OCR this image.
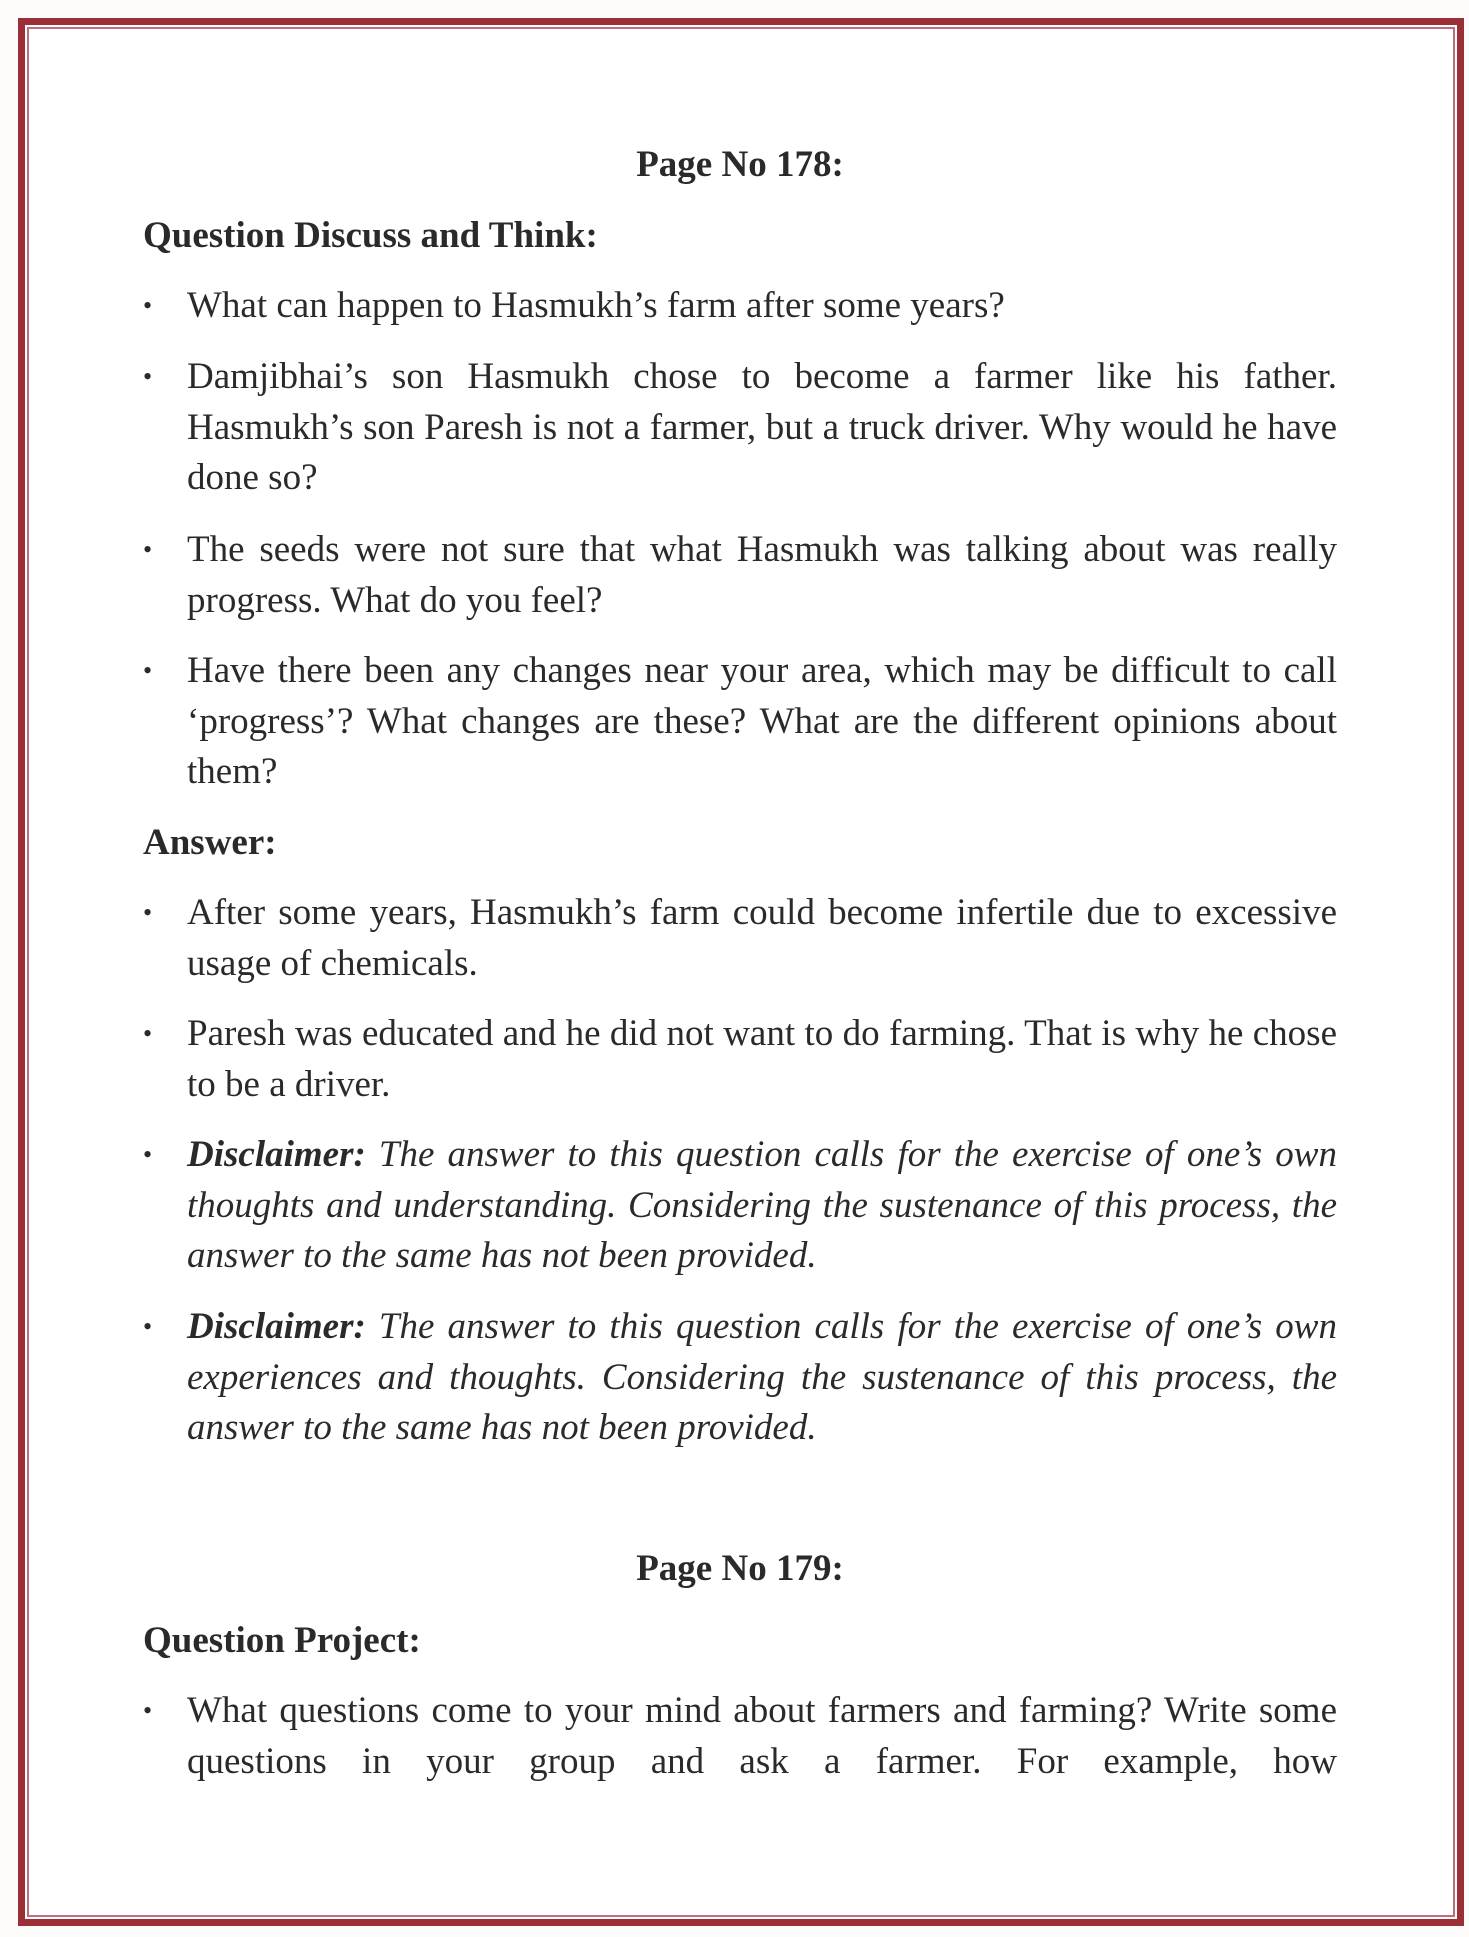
Page No 178:
Question Discuss and Think:
• What can happen to Hasmukh’s farm after some years?
• Damjibhai’s son Hasmukh chose to become a farmer like his father. Hasmukh’s son Paresh is not a farmer, but a truck driver. Why would he have done so?
• The seeds were not sure that what Hasmukh was talking about was really progress. What do you feel?
• Have there been any changes near your area, which may be difficult to call ‘progress’? What changes are these? What are the different opinions about them?
Answer:
• After some years, Hasmukh’s farm could become infertile due to excessive usage of chemicals.
• Paresh was educated and he did not want to do farming. That is why he chose to be a driver.
• Disclaimer: The answer to this question calls for the exercise of one’s own thoughts and understanding. Considering the sustenance of this process, the answer to the same has not been provided.
• Disclaimer: The answer to this question calls for the exercise of one’s own experiences and thoughts. Considering the sustenance of this process, the answer to the same has not been provided.
Page No 179:
Question Project:
• What questions come to your mind about farmers and farming? Write some questions in your group and ask a farmer. For example, how
